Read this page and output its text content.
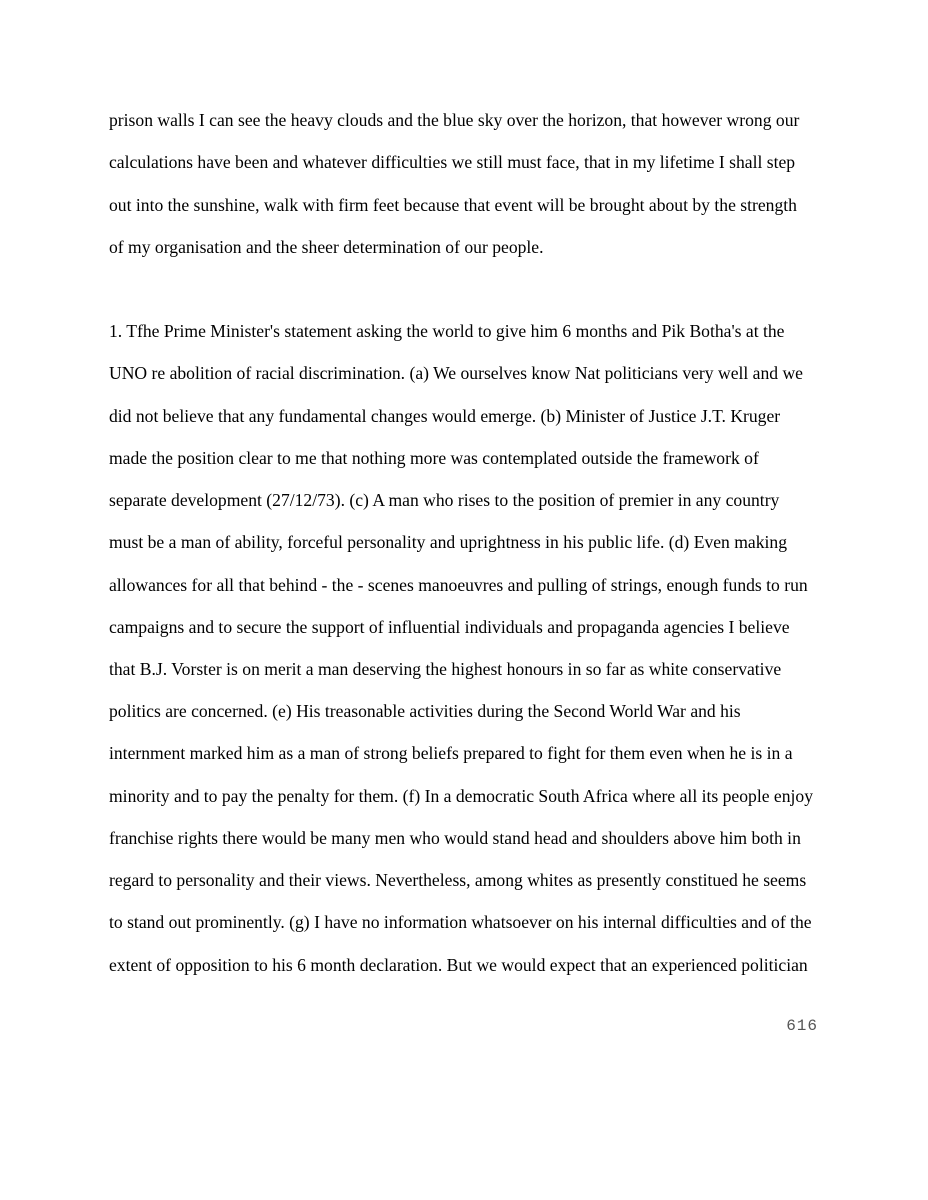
prison walls I can see the heavy clouds and the blue sky over the horizon, that however wrong our
calculations have been and whatever difficulties we still must face, that in my lifetime I shall step
out into the sunshine, walk with firm feet because that event will be brought about by the strength
of my organisation and the sheer determination of our people.
1. Tfhe Prime Minister's statement asking the world to give him 6 months and Pik Botha's at the
UNO re abolition of racial discrimination. (a) We ourselves know Nat politicians very well and we
did not believe that any fundamental changes would emerge. (b) Minister of Justice J.T. Kruger
made the position clear to me that nothing more was contemplated outside the framework of
separate development (27/12/73). (c) A man who rises to the position of premier in any country
must be a man of ability, forceful personality and uprightness in his public life. (d) Even making
allowances for all that behind - the - scenes manoeuvres and pulling of strings, enough funds to run
campaigns and to secure the support of influential individuals and propaganda agencies I believe
that B.J. Vorster is on merit a man deserving the highest honours in so far as white conservative
politics are concerned. (e) His treasonable activities during the Second World War and his
internment marked him as a man of strong beliefs prepared to fight for them even when he is in a
minority and to pay the penalty for them. (f) In a democratic South Africa where all its people enjoy
franchise rights there would be many men who would stand head and shoulders above him both in
regard to personality and their views. Nevertheless, among whites as presently constitued he seems
to stand out prominently. (g) I have no information whatsoever on his internal difficulties and of the
extent of opposition to his 6 month declaration. But we would expect that an experienced politician
616
